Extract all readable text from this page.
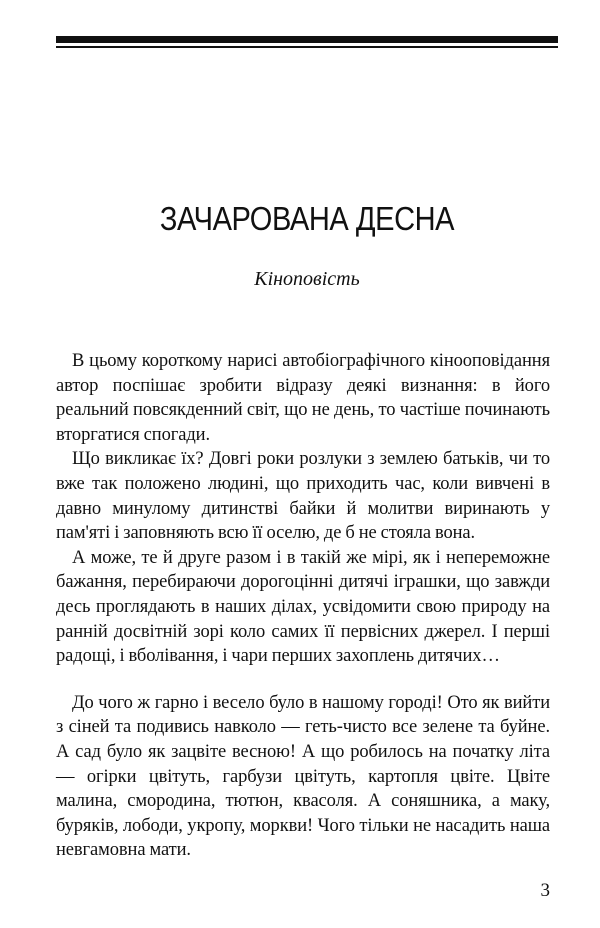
ЗАЧАРОВАНА ДЕСНА
Кіноповість

В цьому короткому нарисі автобіографічного кінооповідання автор поспішає зробити відразу деякі визнання: в його реальний повсякденний світ, що не день, то частіше починають вторгатися спогади.

Що викликає їх? Довгі роки розлуки з землею батьків, чи то вже так положено людині, що приходить час, коли вивчені в давно минулому дитинстві байки й молитви виринають у пам'яті і заповняють всю її оселю, де б не стояла вона.

А може, те й друге разом і в такій же мірі, як і непереможне бажання, перебираючи дорогоцінні дитячі іграшки, що завжди десь проглядають в наших ділах, усвідомити свою природу на ранній досвітній зорі коло самих її первісних джерел. І перші радощі, і вболівання, і чари перших захоплень дитячих…

До чого ж гарно і весело було в нашому городі! Ото як вийти з сіней та подивись навколо — геть-чисто все зелене та буйне. А сад було як зацвіте весною! А що робилось на початку літа — огірки цвітуть, гарбузи цвітуть, картопля цвіте. Цвіте малина, смородина, тютюн, квасоля. А соняшника, а маку, буряків, лободи, укропу, моркви! Чого тільки не насадить наша невгамовна мати.

3
